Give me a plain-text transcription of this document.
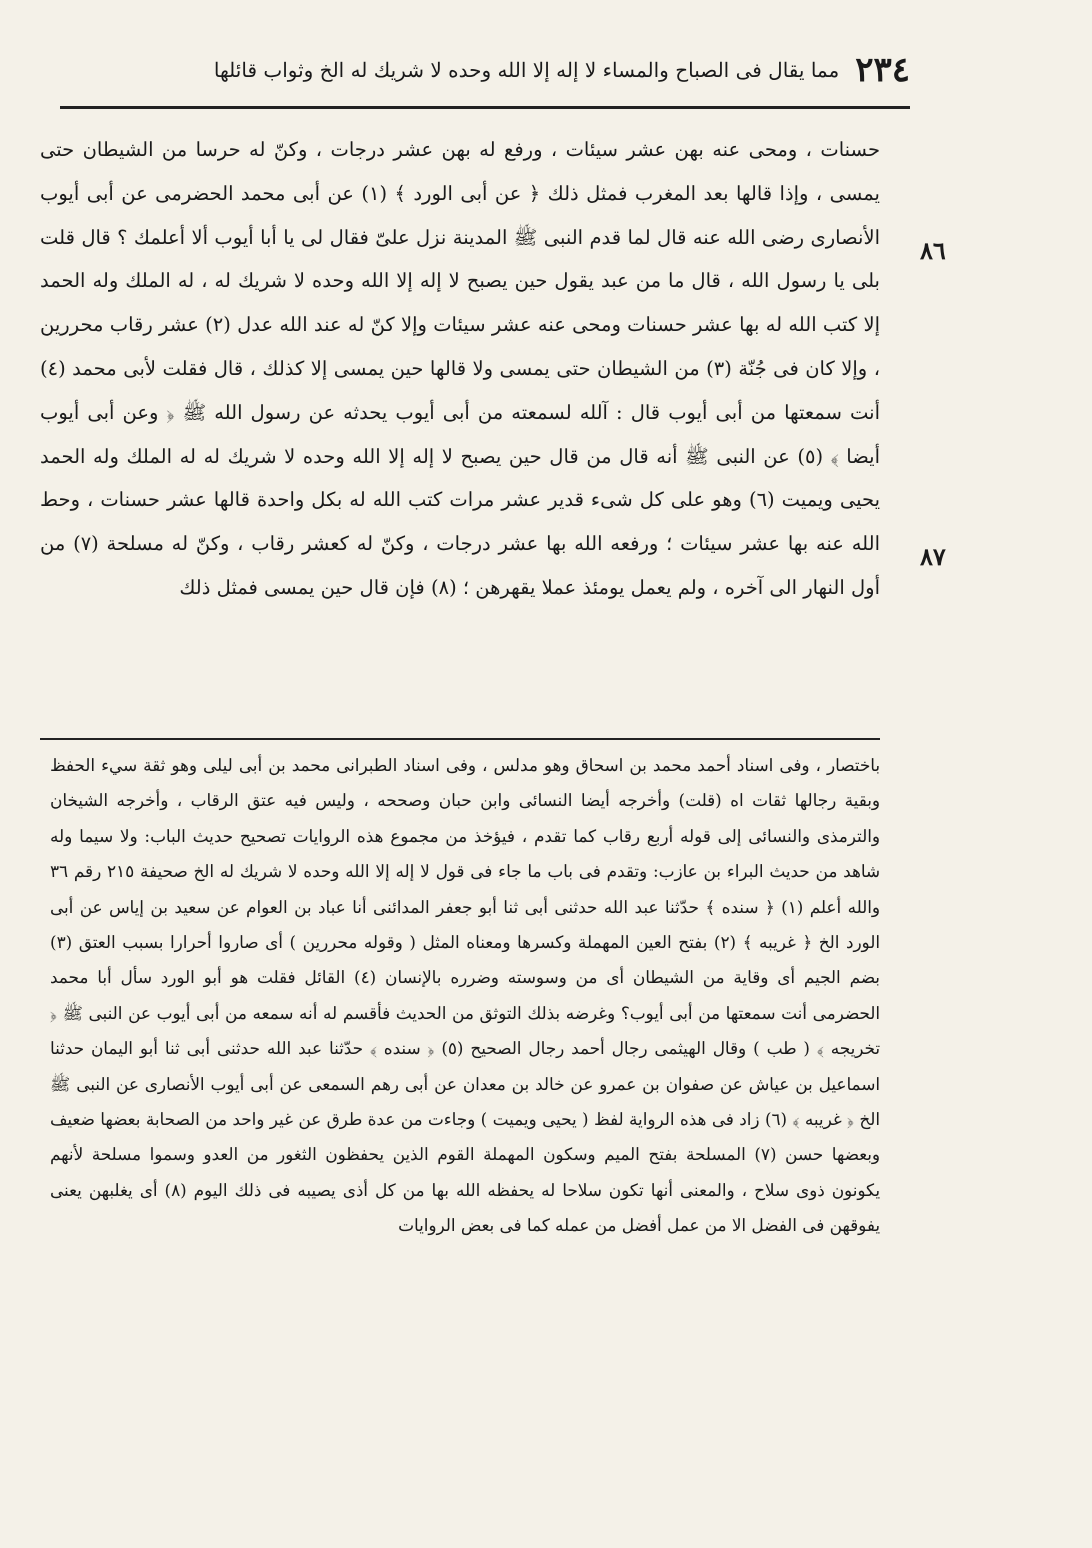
٢٣٤
مما يقال فى الصباح والمساء لا إله إلا الله وحده لا شريك له الخ وثواب قائلها
٨٦
٨٧

حسنات ، ومحى عنه بهن عشر سيئات ، ورفع له بهن عشر درجات ، وكنّ له حرسا من الشيطان حتى يمسى ، وإذا قالها بعد المغرب فمثل ذلك ﴿ عن أبى الورد ﴾ (١) عن أبى محمد الحضرمى عن أبى أيوب الأنصارى رضى الله عنه قال لما قدم النبى ﷺ المدينة نزل علىّ فقال لى يا أبا أيوب ألا أعلمك ؟ قال قلت بلى يا رسول الله ، قال ما من عبد يقول حين يصبح لا إله إلا الله وحده لا شريك له ، له الملك وله الحمد إلا كتب الله له بها عشر حسنات ومحى عنه عشر سيئات وإلا كنّ له عند الله عدل (٢) عشر رقاب محررين ، وإلا كان فى جُنّة (٣) من الشيطان حتى يمسى ولا قالها حين يمسى إلا كذلك ، قال فقلت لأبى محمد (٤) أنت سمعتها من أبى أيوب قال : آلله لسمعته من أبى أيوب يحدثه عن رسول الله ﷺ ﴿ وعن أبى أيوب أيضا ﴾ (٥) عن النبى ﷺ أنه قال من قال حين يصبح لا إله إلا الله وحده لا شريك له له الملك وله الحمد يحيى ويميت (٦) وهو على كل شىء قدير عشر مرات كتب الله له بكل واحدة قالها عشر حسنات ، وحط الله عنه بها عشر سيئات ؛ ورفعه الله بها عشر درجات ، وكنّ له كعشر رقاب ، وكنّ له مسلحة (٧) من أول النهار الى آخره ، ولم يعمل يومئذ عملا يقهرهن ؛ (٨) فإن قال حين يمسى فمثل ذلك

باختصار ، وفى اسناد أحمد محمد بن اسحاق وهو مدلس ، وفى اسناد الطبرانى محمد بن أبى ليلى وهو ثقة سيء الحفظ وبقية رجالها ثقات اه (قلت) وأخرجه أيضا النسائى وابن حبان وصححه ، وليس فيه عتق الرقاب ، وأخرجه الشيخان والترمذى والنسائى إلى قوله أربع رقاب كما تقدم ، فيؤخذ من مجموع هذه الروايات تصحيح حديث الباب: ولا سيما وله شاهد من حديث البراء بن عازب: وتقدم فى باب ما جاء فى قول لا إله إلا الله وحده لا شريك له الخ صحيفة ٢١٥ رقم ٣٦ والله أعلم (١) ﴿ سنده ﴾ حدّثنا عبد الله حدثنى أبى ثنا أبو جعفر المدائنى أنا عباد بن العوام عن سعيد بن إياس عن أبى الورد الخ ﴿ غريبه ﴾ (٢) بفتح العين المهملة وكسرها ومعناه المثل ( وقوله محررين ) أى صاروا أحرارا بسبب العتق (٣) بضم الجيم أى وقاية من الشيطان أى من وسوسته وضرره بالإنسان (٤) القائل فقلت هو أبو الورد سأل أبا محمد الحضرمى أنت سمعتها من أبى أيوب؟ وغرضه بذلك التوثق من الحديث فأقسم له أنه سمعه من أبى أيوب عن النبى ﷺ ﴿ تخريجه ﴾ ( طب ) وقال الهيثمى رجال أحمد رجال الصحيح (٥) ﴿ سنده ﴾ حدّثنا عبد الله حدثنى أبى ثنا أبو اليمان حدثنا اسماعيل بن عياش عن صفوان بن عمرو عن خالد بن معدان عن أبى رهم السمعى عن أبى أيوب الأنصارى عن النبى ﷺ الخ ﴿ غريبه ﴾ (٦) زاد فى هذه الرواية لفظ ( يحيى ويميت ) وجاءت من عدة طرق عن غير واحد من الصحابة بعضها ضعيف وبعضها حسن (٧) المسلحة بفتح الميم وسكون المهملة القوم الذين يحفظون الثغور من العدو وسموا مسلحة لأنهم يكونون ذوى سلاح ، والمعنى أنها تكون سلاحا له يحفظه الله بها من كل أذى يصيبه فى ذلك اليوم (٨) أى يغلبهن يعنى يفوقهن فى الفضل الا من عمل أفضل من عمله كما فى بعض الروايات
